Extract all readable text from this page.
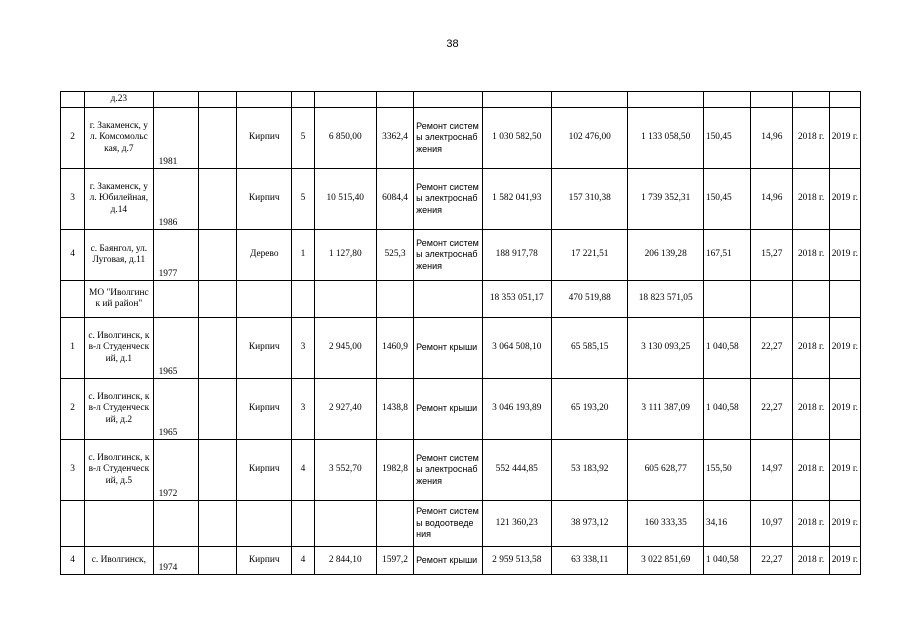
38
	д.23														
2	г. Закаменск, ул. Комсомольс кая, д.7	1981		Кирпич	5	6 850,00	3362,4	Ремонт системы электроснаб жения	1 030 582,50	102 476,00	1 133 058,50	150,45	14,96	2018 г.	2019 г.
3	г. Закаменск, ул. Юбилейная, д.14	1986		Кирпич	5	10 515,40	6084,4	Ремонт системы электроснаб жения	1 582 041,93	157 310,38	1 739 352,31	150,45	14,96	2018 г.	2019 г.
4	с. Баянгол, ул. Луговая, д.11	1977		Дерево	1	1 127,80	525,3	Ремонт системы электроснаб жения	188 917,78	17 221,51	206 139,28	167,51	15,27	2018 г.	2019 г.
	МО "Иволгинск ий район"								18 353 051,17	470 519,88	18 823 571,05				
1	с. Иволгинск, кв-л Студенческ ий, д.1	1965		Кирпич	3	2 945,00	1460,9	Ремонт крыши	3 064 508,10	65 585,15	3 130 093,25	1 040,58	22,27	2018 г.	2019 г.
2	с. Иволгинск, кв-л Студенческ ий, д.2	1965		Кирпич	3	2 927,40	1438,8	Ремонт крыши	3 046 193,89	65 193,20	3 111 387,09	1 040,58	22,27	2018 г.	2019 г.
3	с. Иволгинск, кв-л Студенческ ий, д.5	1972		Кирпич	4	3 552,70	1982,8	Ремонт системы электроснаб жения	552 444,85	53 183,92	605 628,77	155,50	14,97	2018 г.	2019 г.
								Ремонт системы водоотведе ния	121 360,23	38 973,12	160 333,35	34,16	10,97	2018 г.	2019 г.
4	с. Иволгинск,	1974		Кирпич	4	2 844,10	1597,2	Ремонт крыши	2 959 513,58	63 338,11	3 022 851,69	1 040,58	22,27	2018 г.	2019 г.
